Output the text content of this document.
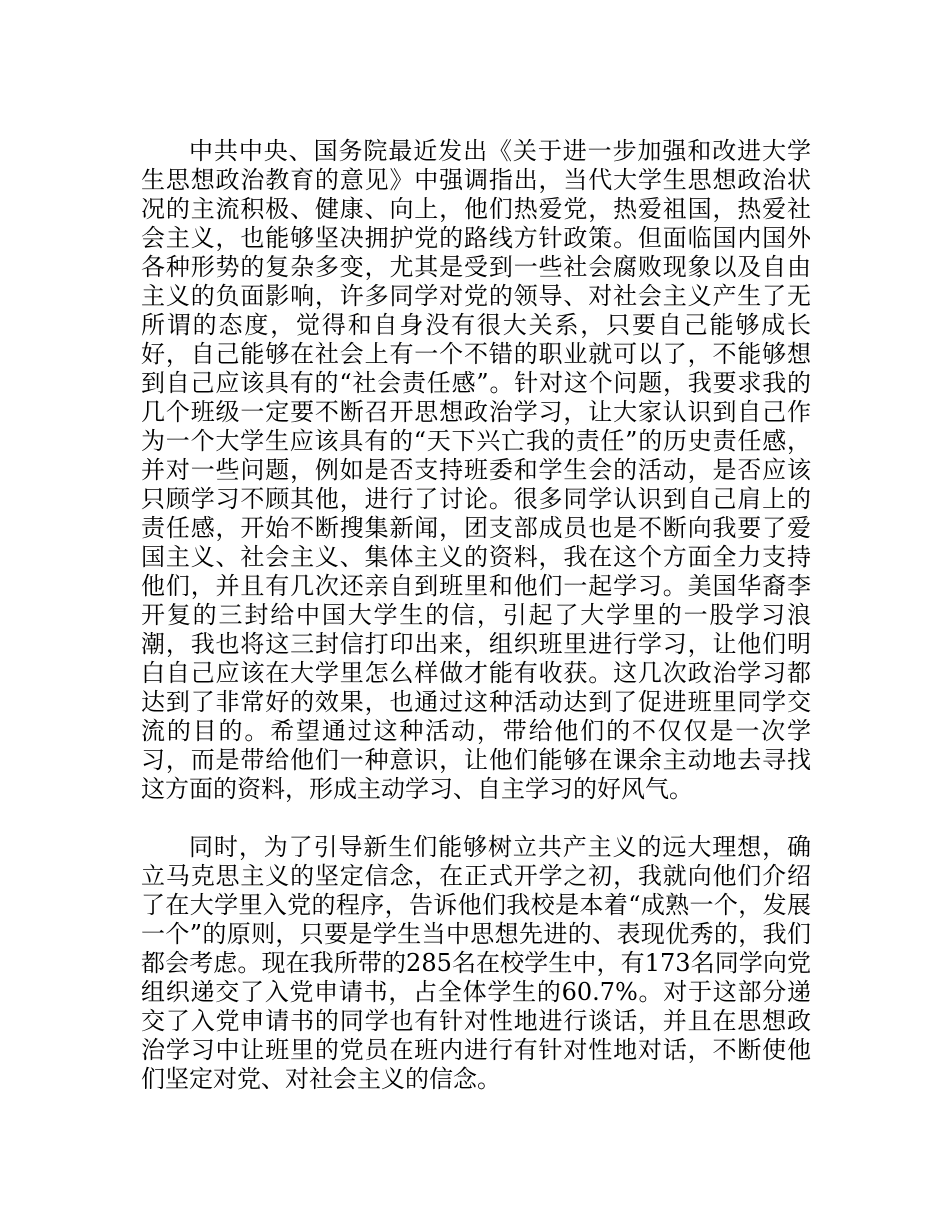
中共中央、国务院最近发出《关于进一步加强和改进大学生思想政治教育的意见》中强调指出，当代大学生思想政治状况的主流积极、健康、向上，他们热爱党，热爱祖国，热爱社会主义，也能够坚决拥护党的路线方针政策。但面临国内国外各种形势的复杂多变，尤其是受到一些社会腐败现象以及自由主义的负面影响，许多同学对党的领导、对社会主义产生了无所谓的态度，觉得和自身没有很大关系，只要自己能够成长好，自己能够在社会上有一个不错的职业就可以了，不能够想到自己应该具有的“社会责任感”。针对这个问题，我要求我的几个班级一定要不断召开思想政治学习，让大家认识到自己作为一个大学生应该具有的“天下兴亡我的责任”的历史责任感，并对一些问题，例如是否支持班委和学生会的活动，是否应该只顾学习不顾其他，进行了讨论。很多同学认识到自己肩上的责任感，开始不断搜集新闻，团支部成员也是不断向我要了爱国主义、社会主义、集体主义的资料，我在这个方面全力支持他们，并且有几次还亲自到班里和他们一起学习。美国华裔李开复的三封给中国大学生的信，引起了大学里的一股学习浪潮，我也将这三封信打印出来，组织班里进行学习，让他们明白自己应该在大学里怎么样做才能有收获。这几次政治学习都达到了非常好的效果，也通过这种活动达到了促进班里同学交流的目的。希望通过这种活动，带给他们的不仅仅是一次学习，而是带给他们一种意识，让他们能够在课余主动地去寻找这方面的资料，形成主动学习、自主学习的好风气。

同时，为了引导新生们能够树立共产主义的远大理想，确立马克思主义的坚定信念，在正式开学之初，我就向他们介绍了在大学里入党的程序，告诉他们我校是本着“成熟一个，发展一个”的原则，只要是学生当中思想先进的、表现优秀的，我们都会考虑。现在我所带的285名在校学生中，有173名同学向党组织递交了入党申请书，占全体学生的60.7%。对于这部分递交了入党申请书的同学也有针对性地进行谈话，并且在思想政治学习中让班里的党员在班内进行有针对性地对话，不断使他们坚定对党、对社会主义的信念。
